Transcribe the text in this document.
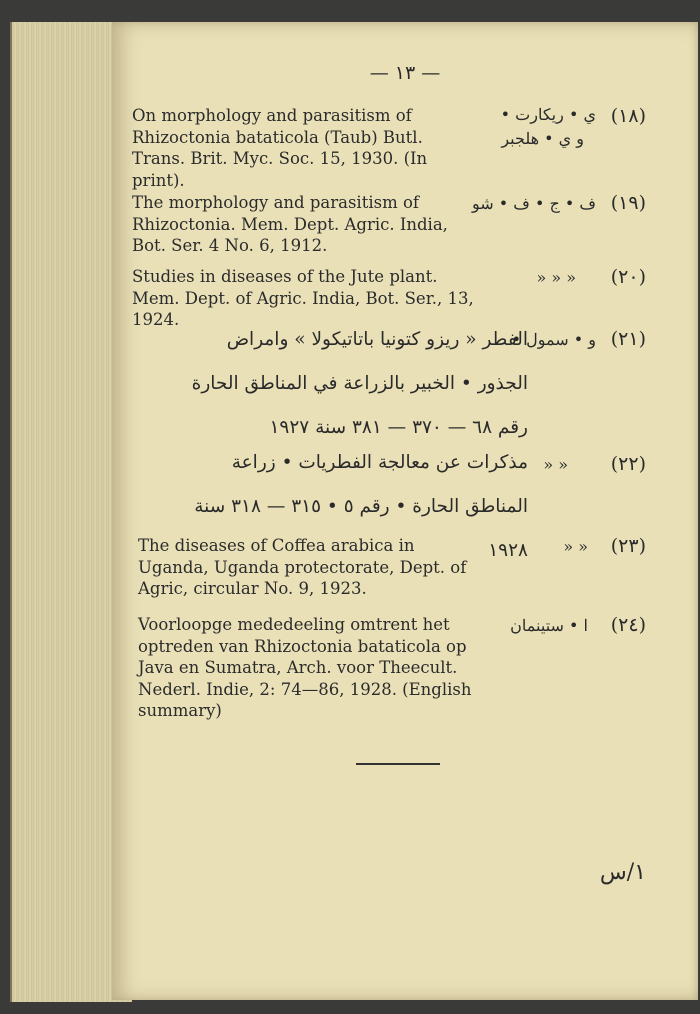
— ١٣ —
(١٨)
ي • ريكارت •
و ي • هلجبر
On morphology and parasitism of Rhizoctonia bataticola (Taub) Butl. Trans. Brit. Myc. Soc. 15, 1930. (In print).
(١٩)
ف • ج • ف • شو
The morphology and parasitism of Rhizoctonia. Mem. Dept. Agric. India, Bot. Ser. 4 No. 6, 1912.
(٢٠)
« « «
Studies in diseases of the Jute plant. Mem. Dept. of Agric. India, Bot. Ser., 13, 1924.
(٢١)
و • سمول •
الفطر « ريزو كتونيا باتاتيكولا » وامراض الجذور • الخبير بالزراعة في المناطق الحارة رقم ٦٨ — ٣٧٠ — ٣٨١ سنة ١٩٢٧
(٢٢)
« «
مذكرات عن معالجة الفطريات • زراعة المناطق الحارة • رقم ٥ • ٣١٥ — ٣١٨ سنة ١٩٢٨	(٢٣)
« «
The diseases of Coffea arabica in Uganda, Uganda protectorate, Dept. of Agric, circular No. 9, 1923.
(٢٤)
ا • ستينمان
Voorloopge mededeeling omtrent het optreden van Rhizoctonia bataticola op Java en Sumatra, Arch. voor Theecult. Nederl. Indie, 2: 74—86, 1928. (English summary)
١/س
